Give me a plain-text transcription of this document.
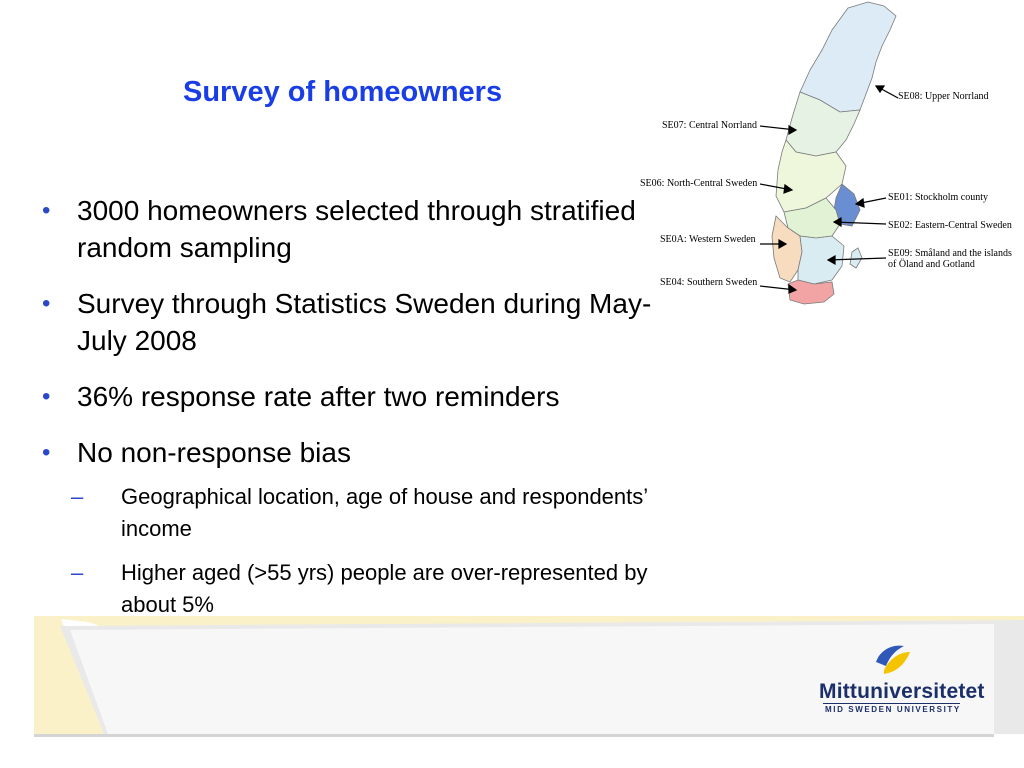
Survey of homeowners
• 3000 homeowners selected through stratified random sampling
• Survey through Statistics Sweden during May-July 2008
• 36% response rate after two reminders
• No non-response bias
– Geographical location, age of house and respondents’ income
– Higher aged (>55 yrs) people are over-represented by about 5%
SE08: Upper Norrland
SE07: Central Norrland
SE06: North-Central Sweden
SE01: Stockholm county
SE02: Eastern-Central Sweden
SE0A: Western Sweden
SE09: Småland and the islands
of Öland and Gotland
SE04: Southern Sweden
Mittuniversitetet
MID SWEDEN UNIVERSITY
